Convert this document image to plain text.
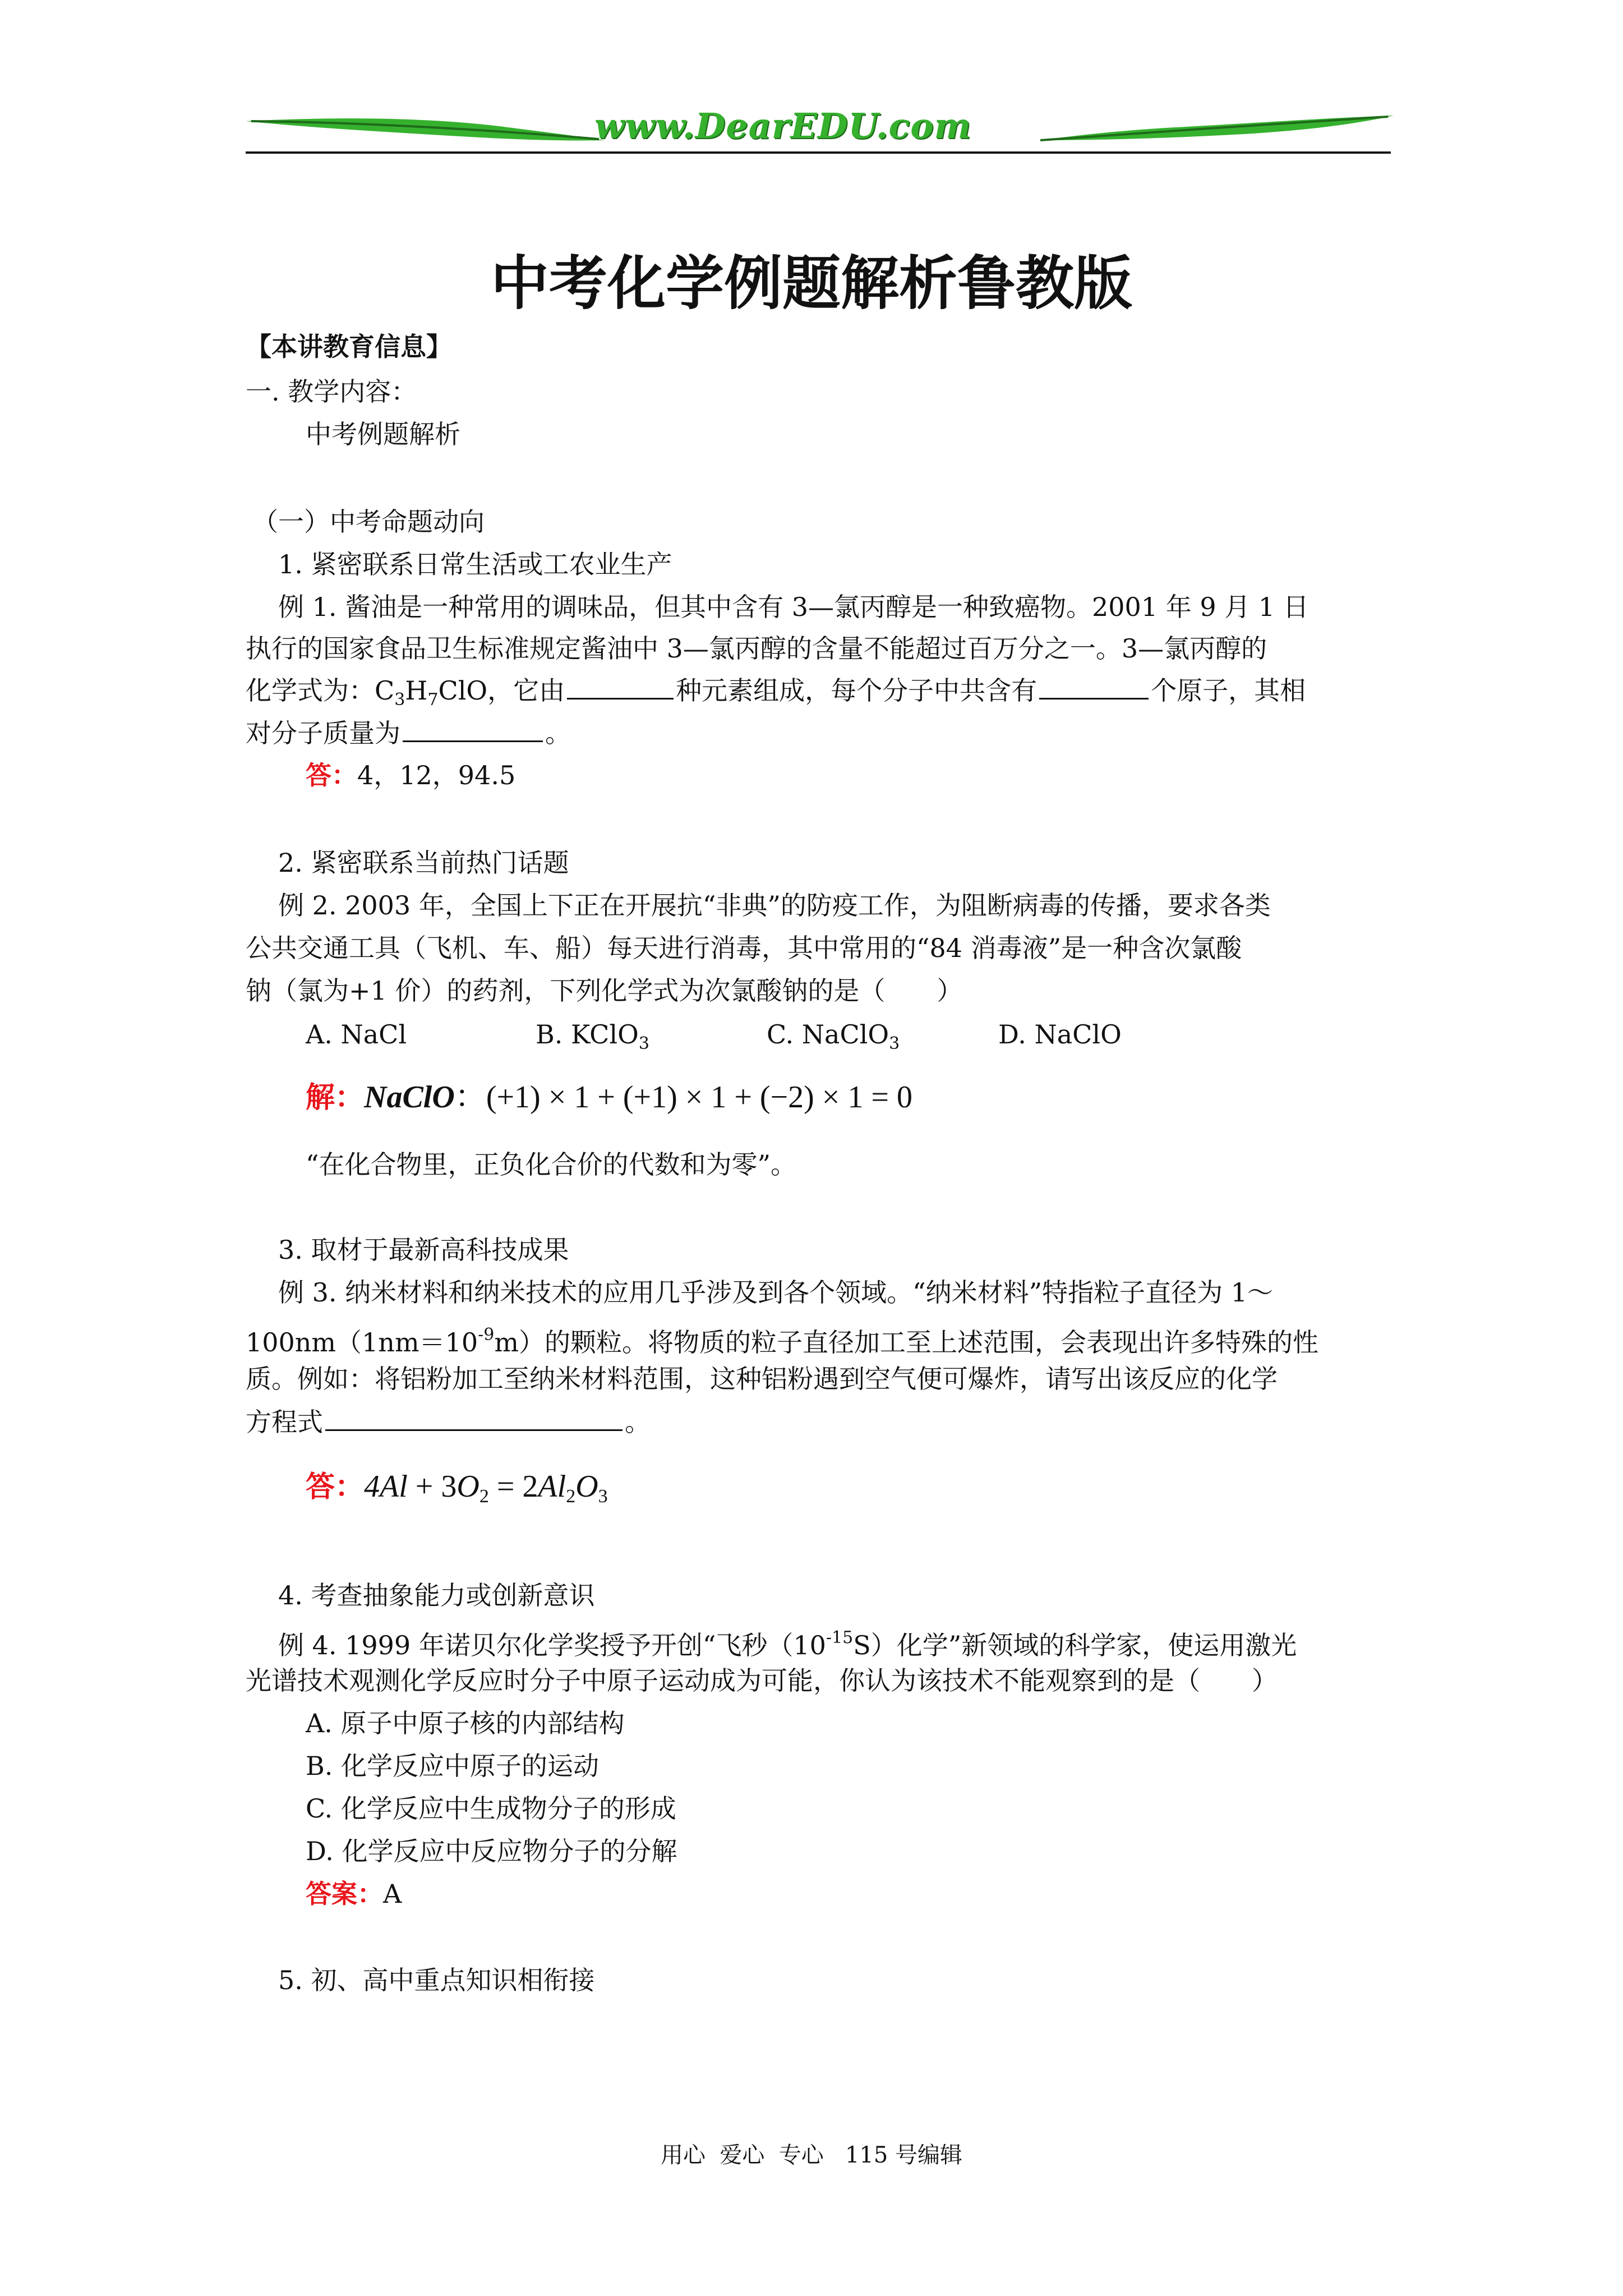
www.DearEDU.com
中考化学例题解析鲁教版
【本讲教育信息】
一. 教学内容：
中考例题解析
（一）中考命题动向
1. 紧密联系日常生活或工农业生产
例 1. 酱油是一种常用的调味品，但其中含有 3—氯丙醇是一种致癌物。2001 年 9 月 1 日
执行的国家食品卫生标准规定酱油中 3—氯丙醇的含量不能超过百万分之一。3—氯丙醇的
化学式为：$C_3H_7ClO$，它由	种元素组成，每个分子中共含有	个原子，其相
对分子质量为	。
答：4，12，94.5
2. 紧密联系当前热门话题
例 2. 2003 年，全国上下正在开展抗“非典”的防疫工作，为阻断病毒的传播，要求各类
公共交通工具（飞机、车、船）每天进行消毒，其中常用的“84 消毒液”是一种含次氯酸
钠（氯为+1 价）的药剂，下列化学式为次氯酸钠的是（　　）
A. NaCl	B. KClO$_3$	C. NaClO$_3$	D. NaClO
解：NaClO：(+1) × 1 + (+1) × 1 + (−2) × 1 = 0
“在化合物里，正负化合价的代数和为零”。
3. 取材于最新高科技成果
例 3. 纳米材料和纳米技术的应用几乎涉及到各个领域。“纳米材料”特指粒子直径为 1～
$100nm(1nm=10^{-9}m)$的颗粒。将物质的粒子直径加工至上述范围，会表现出许多特殊的性
质。例如：将铝粉加工至纳米材料范围，这种铝粉遇到空气便可爆炸，请写出该反应的化学
方程式	。
答：$4Al + 3O_2 = 2Al_2O_3$
4. 考查抽象能力或创新意识
例 4. 1999 年诺贝尔化学奖授予开创“飞秒$(10^{-15}S)$化学”新领域的科学家，使运用激光
光谱技术观测化学反应时分子中原子运动成为可能，你认为该技术不能观察到的是（　　）
A. 原子中原子核的内部结构
B. 化学反应中原子的运动
C. 化学反应中生成物分子的形成
D. 化学反应中反应物分子的分解
答案：A
5. 初、高中重点知识相衔接
用心  爱心  专心   115 号编辑
